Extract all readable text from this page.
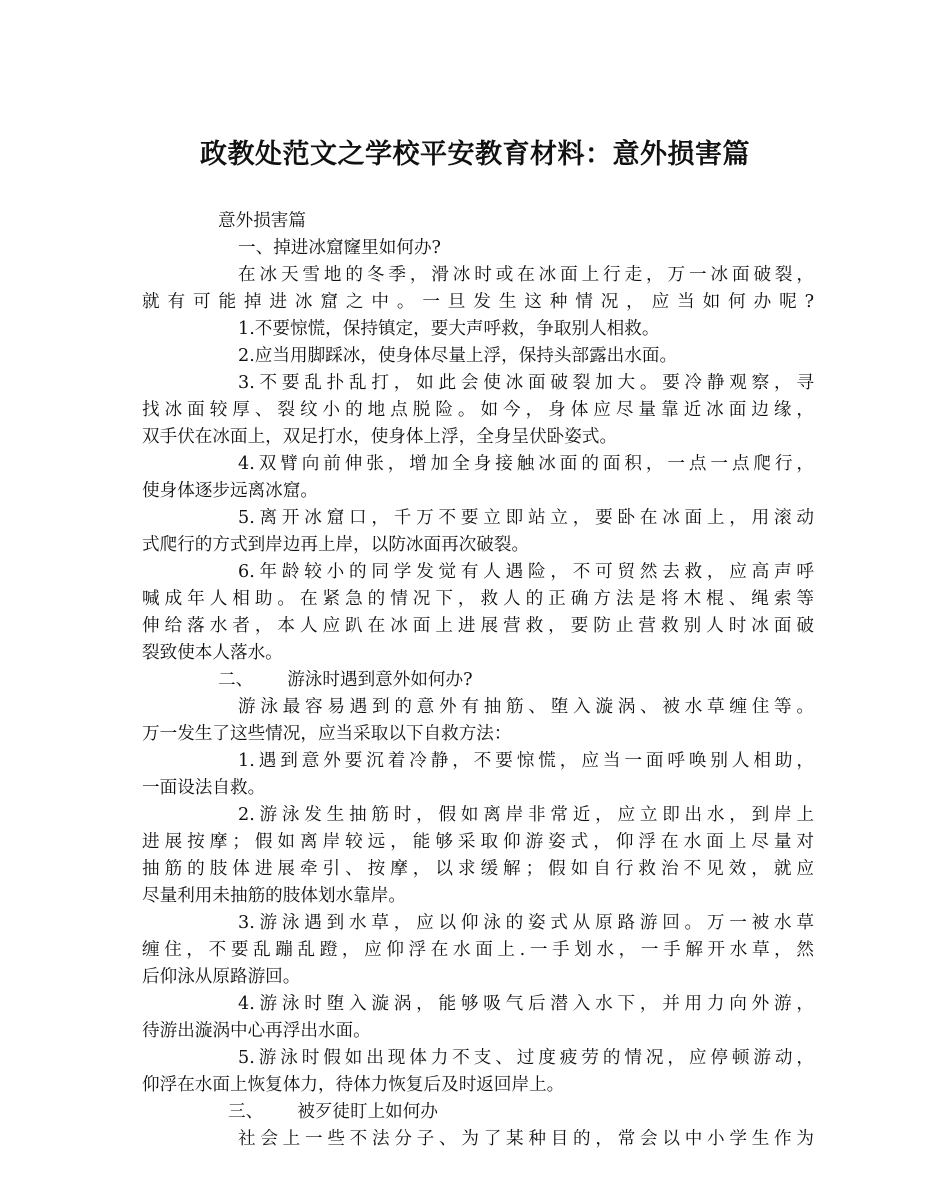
政教处范文之学校平安教育材料：意外损害篇
意外损害篇
一、掉进冰窟窿里如何办?
在冰天雪地的冬季，滑冰时或在冰面上行走，万一冰面破裂，
就有可能掉进冰窟之中。一旦发生这种情况，应当如何办呢?
1.不要惊慌，保持镇定，要大声呼救，争取别人相救。
2.应当用脚踩冰，使身体尽量上浮，保持头部露出水面。
3.不要乱扑乱打，如此会使冰面破裂加大。要冷静观察，寻
找冰面较厚、裂纹小的地点脱险。如今，身体应尽量靠近冰面边缘，
双手伏在冰面上，双足打水，使身体上浮，全身呈伏卧姿式。
4.双臂向前伸张，增加全身接触冰面的面积，一点一点爬行，
使身体逐步远离冰窟。
5.离开冰窟口，千万不要立即站立，要卧在冰面上，用滚动
式爬行的方式到岸边再上岸，以防冰面再次破裂。
6.年龄较小的同学发觉有人遇险，不可贸然去救，应高声呼
喊成年人相助。在紧急的情况下，救人的正确方法是将木棍、绳索等
伸给落水者，本人应趴在冰面上进展营救，要防止营救别人时冰面破
裂致使本人落水。
二、 游泳时遇到意外如何办?
游泳最容易遇到的意外有抽筋、堕入漩涡、被水草缠住等。
万一发生了这些情况，应当采取以下自救方法：
1.遇到意外要沉着冷静，不要惊慌，应当一面呼唤别人相助，
一面设法自救。
2.游泳发生抽筋时，假如离岸非常近，应立即出水，到岸上
进展按摩；假如离岸较远，能够采取仰游姿式，仰浮在水面上尽量对
抽筋的肢体进展牵引、按摩，以求缓解；假如自行救治不见效，就应
尽量利用未抽筋的肢体划水靠岸。
3.游泳遇到水草，应以仰泳的姿式从原路游回。万一被水草
缠住，不要乱蹦乱蹬，应仰浮在水面上.一手划水，一手解开水草，然
后仰泳从原路游回。
4.游泳时堕入漩涡，能够吸气后潜入水下，并用力向外游，
待游出漩涡中心再浮出水面。
5.游泳时假如出现体力不支、过度疲劳的情况，应停顿游动，
仰浮在水面上恢复体力，待体力恢复后及时返回岸上。
三、 被歹徒盯上如何办
社会上一些不法分子、为了某种目的，常会以中小学生作为
